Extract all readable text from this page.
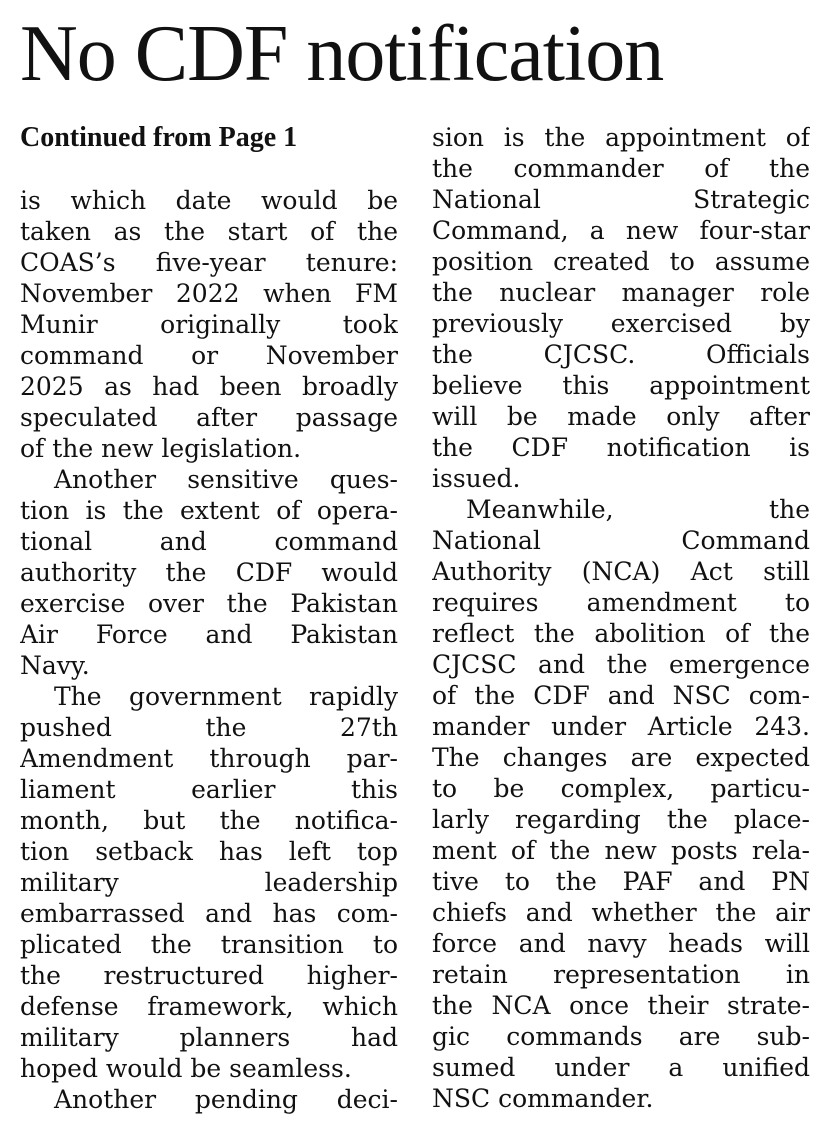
No CDF notification
Continued from Page 1
is which date would be
taken as the start of the
COAS’s five-year tenure:
November 2022 when FM
Munir originally took
command or November
2025 as had been broadly
speculated after passage
of the new legislation.
Another sensitive ques-
tion is the extent of opera-
tional and command
authority the CDF would
exercise over the Pakistan
Air Force and Pakistan
Navy.
The government rapidly
pushed the 27th
Amendment through par-
liament earlier this
month, but the notifica-
tion setback has left top
military leadership
embarrassed and has com-
plicated the transition to
the restructured higher-
defense framework, which
military planners had
hoped would be seamless.
Another pending deci-
sion is the appointment of
the commander of the
National Strategic
Command, a new four-star
position created to assume
the nuclear manager role
previously exercised by
the CJCSC. Officials
believe this appointment
will be made only after
the CDF notification is
issued.
Meanwhile, the
National Command
Authority (NCA) Act still
requires amendment to
reflect the abolition of the
CJCSC and the emergence
of the CDF and NSC com-
mander under Article 243.
The changes are expected
to be complex, particu-
larly regarding the place-
ment of the new posts rela-
tive to the PAF and PN
chiefs and whether the air
force and navy heads will
retain representation in
the NCA once their strate-
gic commands are sub-
sumed under a unified
NSC commander.
